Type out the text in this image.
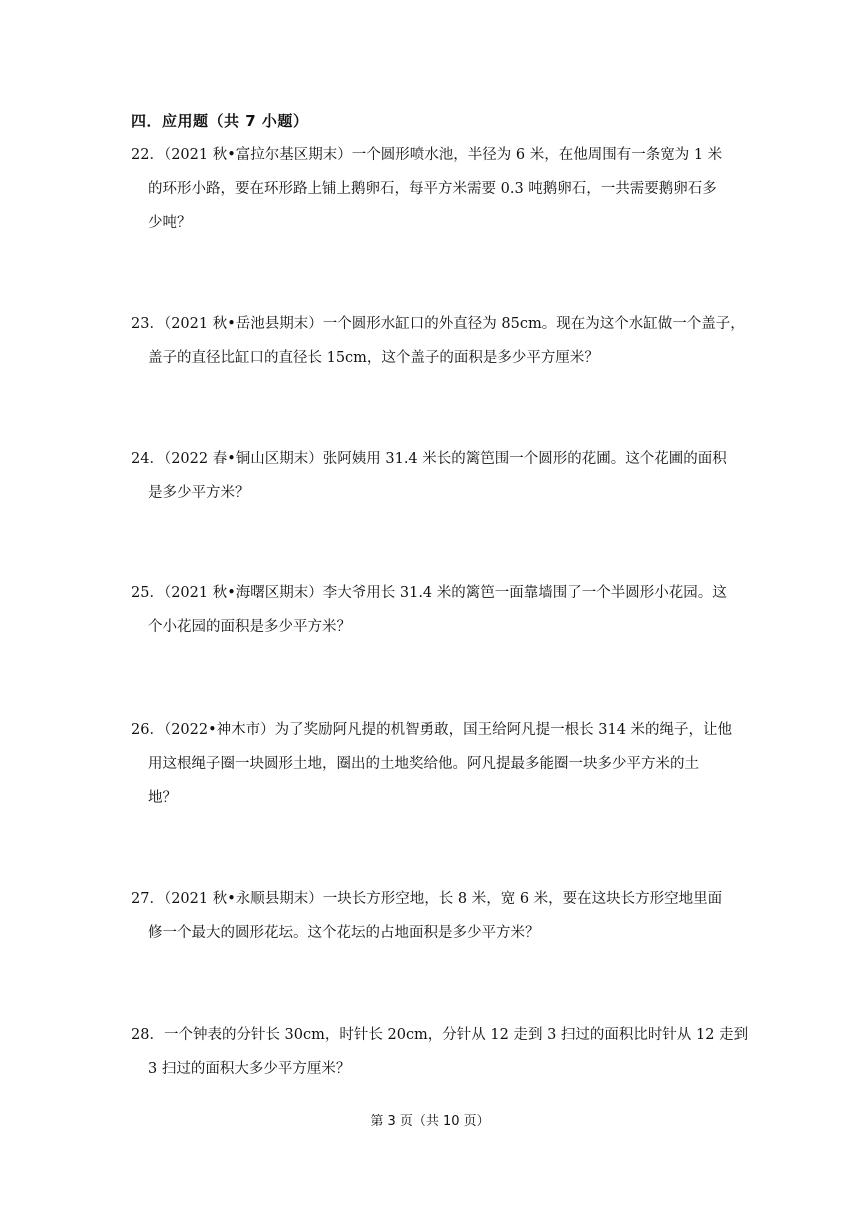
四．应用题（共 7 小题）
22．（2021 秋•富拉尔基区期末）一个圆形喷水池，半径为 6 米，在他周围有一条宽为 1 米
的环形小路，要在环形路上铺上鹅卵石，每平方米需要 0.3 吨鹅卵石，一共需要鹅卵石多
少吨？
23．（2021 秋•岳池县期末）一个圆形水缸口的外直径为 85cm。现在为这个水缸做一个盖子，
盖子的直径比缸口的直径长 15cm，这个盖子的面积是多少平方厘米？
24．（2022 春•铜山区期末）张阿姨用 31.4 米长的篱笆围一个圆形的花圃。这个花圃的面积
是多少平方米？
25．（2021 秋•海曙区期末）李大爷用长 31.4 米的篱笆一面靠墙围了一个半圆形小花园。这
个小花园的面积是多少平方米？
26．（2022•神木市）为了奖励阿凡提的机智勇敢，国王给阿凡提一根长 314 米的绳子，让他
用这根绳子圈一块圆形土地，圈出的土地奖给他。阿凡提最多能圈一块多少平方米的土
地？
27．（2021 秋•永顺县期末）一块长方形空地，长 8 米，宽 6 米，要在这块长方形空地里面
修一个最大的圆形花坛。这个花坛的占地面积是多少平方米？
28．一个钟表的分针长 30cm，时针长 20cm，分针从 12 走到 3 扫过的面积比时针从 12 走到
3 扫过的面积大多少平方厘米？
第 3 页（共 10 页）
